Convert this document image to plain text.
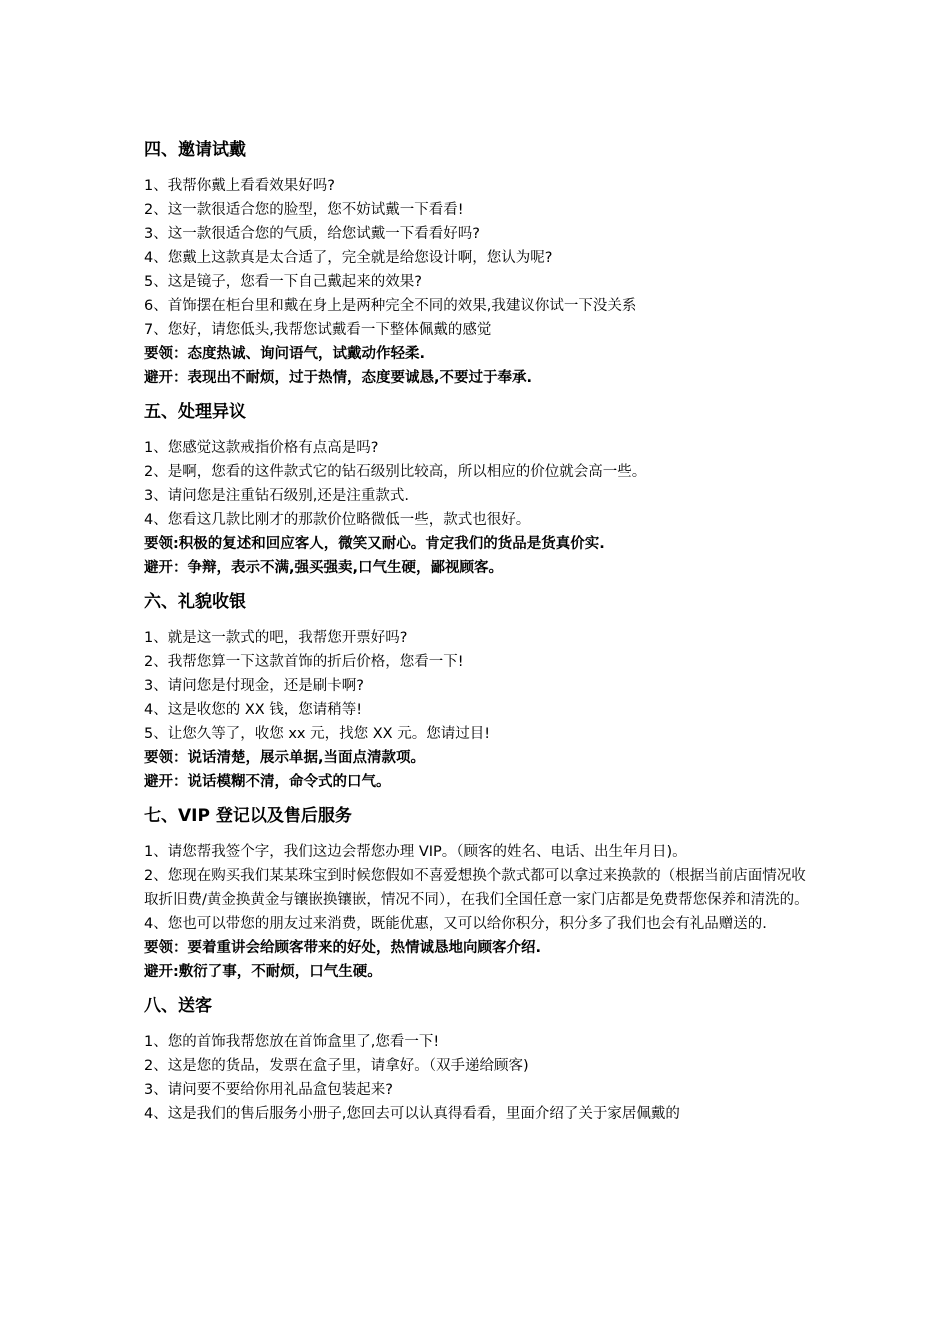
四、邀请试戴
1、我帮你戴上看看效果好吗?
2、这一款很适合您的脸型，您不妨试戴一下看看!
3、这一款很适合您的气质，给您试戴一下看看好吗?
4、您戴上这款真是太合适了，完全就是给您设计啊，您认为呢?
5、这是镜子，您看一下自己戴起来的效果?
6、首饰摆在柜台里和戴在身上是两种完全不同的效果,我建议你试一下没关系
7、您好，请您低头,我帮您试戴看一下整体佩戴的感觉
要领：态度热诚、询问语气，试戴动作轻柔.
避开：表现出不耐烦，过于热情，态度要诚恳,不要过于奉承.
五、处理异议
1、您感觉这款戒指价格有点高是吗?
2、是啊，您看的这件款式它的钻石级别比较高，所以相应的价位就会高一些。
3、请问您是注重钻石级别,还是注重款式.
4、您看这几款比刚才的那款价位略微低一些，款式也很好。
要领:积极的复述和回应客人，微笑又耐心。肯定我们的货品是货真价实.
避开：争辩，表示不满,强买强卖,口气生硬，鄙视顾客。
六、礼貌收银
1、就是这一款式的吧，我帮您开票好吗?
2、我帮您算一下这款首饰的折后价格，您看一下!
3、请问您是付现金，还是刷卡啊?
4、这是收您的 XX 钱，您请稍等!
5、让您久等了，收您 xx 元，找您 XX 元。您请过目!
要领：说话清楚，展示单据,当面点清款项。
避开：说话模糊不清，命令式的口气。
七、VIP 登记以及售后服务
1、请您帮我签个字，我们这边会帮您办理 VIP。（顾客的姓名、电话、出生年月日)。
2、您现在购买我们某某珠宝到时候您假如不喜爱想换个款式都可以拿过来换款的（根据当前店面情况收取折旧费/黄金换黄金与镶嵌换镶嵌，情况不同），在我们全国任意一家门店都是免费帮您保养和清洗的。
4、您也可以带您的朋友过来消费，既能优惠，又可以给你积分，积分多了我们也会有礼品赠送的.
要领：要着重讲会给顾客带来的好处，热情诚恳地向顾客介绍.
避开:敷衍了事，不耐烦，口气生硬。
八、送客
1、您的首饰我帮您放在首饰盒里了,您看一下!
2、这是您的货品，发票在盒子里，请拿好。（双手递给顾客)
3、请问要不要给你用礼品盒包装起来?
4、这是我们的售后服务小册子,您回去可以认真得看看，里面介绍了关于家居佩戴的
